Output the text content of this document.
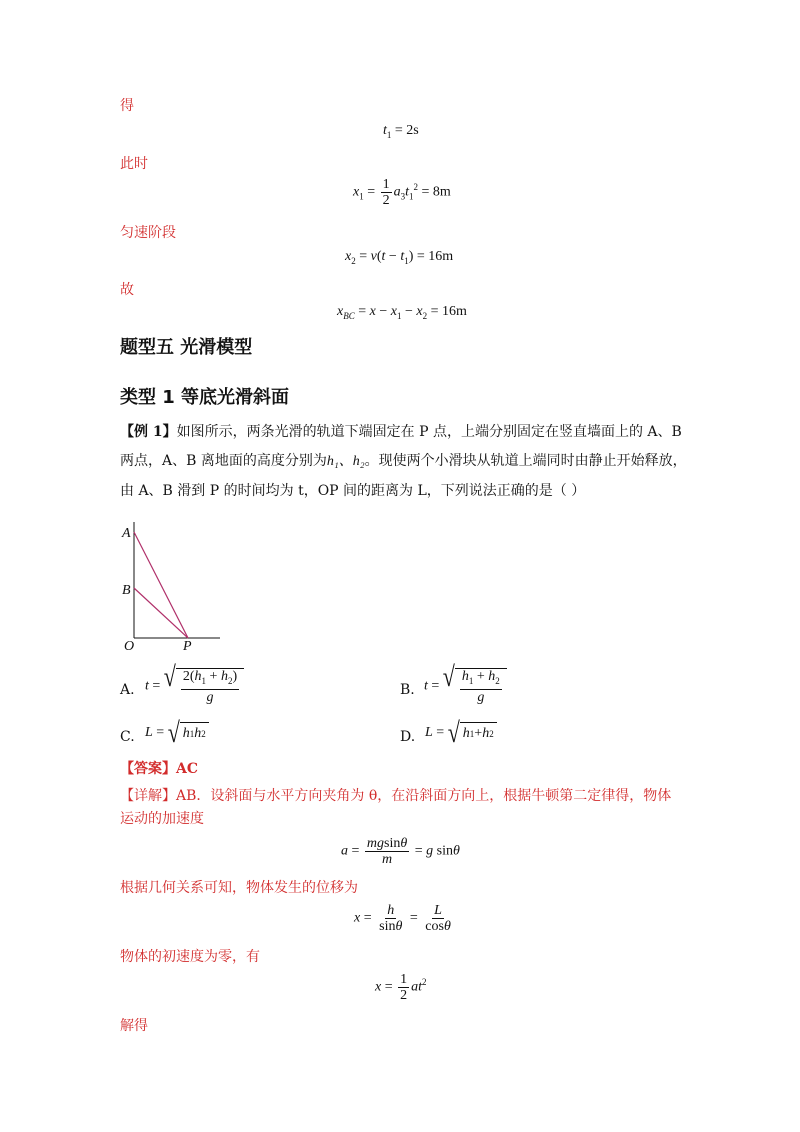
得
$t_1 = 2s$
此时
$x_1 = \frac{1}{2} a_3t_1^2 = 8m$
匀速阶段
$x_2 = v(t - t_1) = 16m$
故
$x_{BC} = x - x_1 - x_2 = 16m$
题型五 光滑模型
类型 1 等底光滑斜面
【例 1】如图所示，两条光滑的轨道下端固定在 P 点，上端分别固定在竖直墙面上的 A、B
两点，A、B 离地面的高度分别为h₁、h₂。现使两个小滑块从轨道上端同时由静止开始释放，
由 A、B 滑到 P 的时间均为 t，OP 间的距离为 L，下列说法正确的是（ ）
A
B
O	P
A. t = √ $\frac{2(h_1 + h_2)}{g}$	B. t = √ $\frac{h_1 + h_2}{g}$
C. L = √ h 1 h 2	D. L = √ h 1 + h 2
【答案】AC
【详解】AB．设斜面与水平方向夹角为 θ，在沿斜面方向上，根据牛顿第二定律得，物体
运动的加速度
$a = \frac{mgsin\theta}{m} = g$ sinθ
根据几何关系可知，物体发生的位移为
$x = \frac{h}{\sin\theta} = \frac{L}{\cos\theta}$
物体的初速度为零，有
$x = \frac{1}{2} at^2$
解得
